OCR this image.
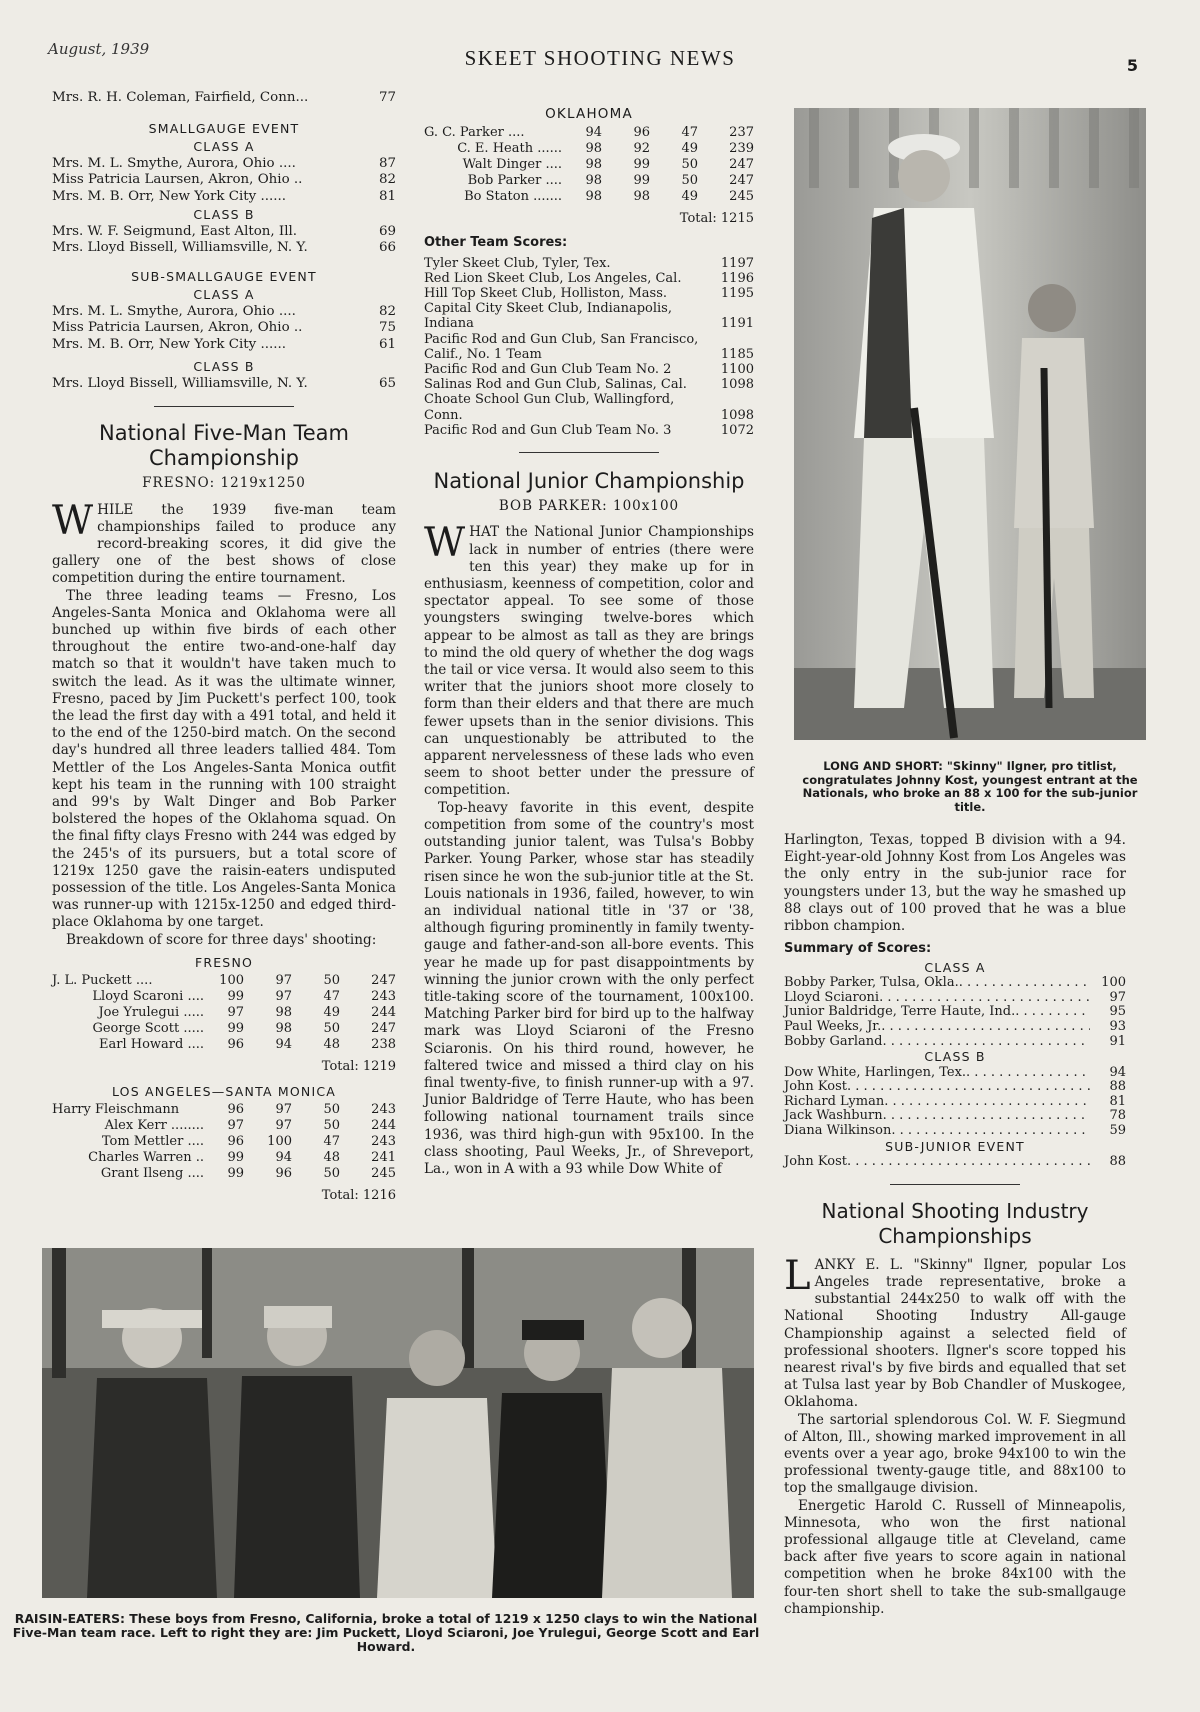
August, 1939	SKEET SHOOTING NEWS	5
Mrs. R. H. Coleman, Fairfield, Conn...	77
SMALLGAUGE EVENT
CLASS A
Mrs. M. L. Smythe, Aurora, Ohio ....	87
Miss Patricia Laursen, Akron, Ohio ..	82
Mrs. M. B. Orr, New York City ......	81
CLASS B
Mrs. W. F. Seigmund, East Alton, Ill.	69
Mrs. Lloyd Bissell, Williamsville, N. Y.	66
SUB-SMALLGAUGE EVENT
CLASS A
Mrs. M. L. Smythe, Aurora, Ohio ....	82
Miss Patricia Laursen, Akron, Ohio ..	75
Mrs. M. B. Orr, New York City ......	61
CLASS B
Mrs. Lloyd Bissell, Williamsville, N. Y.	65
National Five-Man Team Championship
FRESNO: 1219x1250

WHILE the 1939 five-man team championships failed to produce any record-breaking scores, it did give the gallery one of the best shows of close competition during the entire tournament.

The three leading teams — Fresno, Los Angeles-Santa Monica and Oklahoma were all bunched up within five birds of each other throughout the entire two-and-one-half day match so that it wouldn't have taken much to switch the lead. As it was the ultimate winner, Fresno, paced by Jim Puckett's perfect 100, took the lead the first day with a 491 total, and held it to the end of the 1250-bird match. On the second day's hundred all three leaders tallied 484. Tom Mettler of the Los Angeles-Santa Monica outfit kept his team in the running with 100 straight and 99's by Walt Dinger and Bob Parker bolstered the hopes of the Oklahoma squad. On the final fifty clays Fresno with 244 was edged by the 245's of its pursuers, but a total score of 1219x 1250 gave the raisin-eaters undisputed possession of the title. Los Angeles-Santa Monica was runner-up with 1215x-1250 and edged third-place Oklahoma by one target.

Breakdown of score for three days' shooting:

FRESNO
J. L. Puckett ....	100	97	50	247
Lloyd Scaroni ....	99	97	47	243
Joe Yrulegui .....	97	98	49	244
George Scott .....	99	98	50	247
Earl Howard ....	96	94	48	238
Total: 1219
LOS ANGELES—SANTA MONICA
Harry Fleischmann	96	97	50	243
Alex Kerr ........	97	97	50	244
Tom Mettler ....	96	100	47	243
Charles Warren ..	99	94	48	241
Grant Ilseng ....	99	96	50	245
Total: 1216
OKLAHOMA
G. C. Parker ....	94	96	47	237
C. E. Heath ......	98	92	49	239
Walt Dinger ....	98	99	50	247
Bob Parker ....	98	99	50	247
Bo Staton .......	98	98	49	245
Total: 1215
Other Team Scores:
Tyler Skeet Club, Tyler, Tex.	1197
Red Lion Skeet Club, Los Angeles, Cal.	1196
Hill Top Skeet Club, Holliston, Mass.	1195
Capital City Skeet Club, Indianapolis, Indiana	1191
Pacific Rod and Gun Club, San Francisco, Calif., No. 1 Team	1185
Pacific Rod and Gun Club Team No. 2	1100
Salinas Rod and Gun Club, Salinas, Cal.	1098
Choate School Gun Club, Wallingford, Conn.	1098
Pacific Rod and Gun Club Team No. 3	1072
National Junior Championship
BOB PARKER: 100x100

WHAT the National Junior Championships lack in number of entries (there were ten this year) they make up for in enthusiasm, keenness of competition, color and spectator appeal. To see some of those youngsters swinging twelve-bores which appear to be almost as tall as they are brings to mind the old query of whether the dog wags the tail or vice versa. It would also seem to this writer that the juniors shoot more closely to form than their elders and that there are much fewer upsets than in the senior divisions. This can unquestionably be attributed to the apparent nervelessness of these lads who even seem to shoot better under the pressure of competition.

Top-heavy favorite in this event, despite competition from some of the country's most outstanding junior talent, was Tulsa's Bobby Parker. Young Parker, whose star has steadily risen since he won the sub-junior title at the St. Louis nationals in 1936, failed, however, to win an individual national title in '37 or '38, although figuring prominently in family twenty-gauge and father-and-son all-bore events. This year he made up for past disappointments by winning the junior crown with the only perfect title-taking score of the tournament, 100x100. Matching Parker bird for bird up to the halfway mark was Lloyd Sciaroni of the Fresno Sciaronis. On his third round, however, he faltered twice and missed a third clay on his final twenty-five, to finish runner-up with a 97. Junior Baldridge of Terre Haute, who has been following national tournament trails since 1936, was third high-gun with 95x100. In the class shooting, Paul Weeks, Jr., of Shreveport, La., won in A with a 93 while Dow White of

LONG AND SHORT: "Skinny" Ilgner, pro titlist, congratulates Johnny Kost, youngest entrant at the Nationals, who broke an 88 x 100 for the sub-junior title.

Harlington, Texas, topped B division with a 94. Eight-year-old Johnny Kost from Los Angeles was the only entry in the sub-junior race for youngsters under 13, but the way he smashed up 88 clays out of 100 proved that he was a blue ribbon champion.

Summary of Scores:
CLASS A
Bobby Parker, Tulsa, Okla. . . .	100
Lloyd Sciaroni . . .	97
Junior Baldridge, Terre Haute, Ind. . . .	95
Paul Weeks, Jr. . . .	93
Bobby Garland . . .	91
CLASS B
Dow White, Harlingen, Tex. . . .	94
John Kost . . .	88
Richard Lyman . . .	81
Jack Washburn . . .	78
Diana Wilkinson . . .	59
SUB-JUNIOR EVENT
John Kost . . .	88
National Shooting Industry Championships

LANKY E. L. "Skinny" Ilgner, popular Los Angeles trade representative, broke a substantial 244x250 to walk off with the National Shooting Industry All-gauge Championship against a selected field of professional shooters. Ilgner's score topped his nearest rival's by five birds and equalled that set at Tulsa last year by Bob Chandler of Muskogee, Oklahoma.

The sartorial splendorous Col. W. F. Siegmund of Alton, Ill., showing marked improvement in all events over a year ago, broke 94x100 to win the professional twenty-gauge title, and 88x100 to top the smallgauge division.

Energetic Harold C. Russell of Minneapolis, Minnesota, who won the first national professional allgauge title at Cleveland, came back after five years to score again in national competition when he broke 84x100 with the four-ten short shell to take the sub-smallgauge championship.

RAISIN-EATERS: These boys from Fresno, California, broke a total of 1219 x 1250 clays to win the National Five-Man team race. Left to right they are: Jim Puckett, Lloyd Sciaroni, Joe Yrulegui, George Scott and Earl Howard.
